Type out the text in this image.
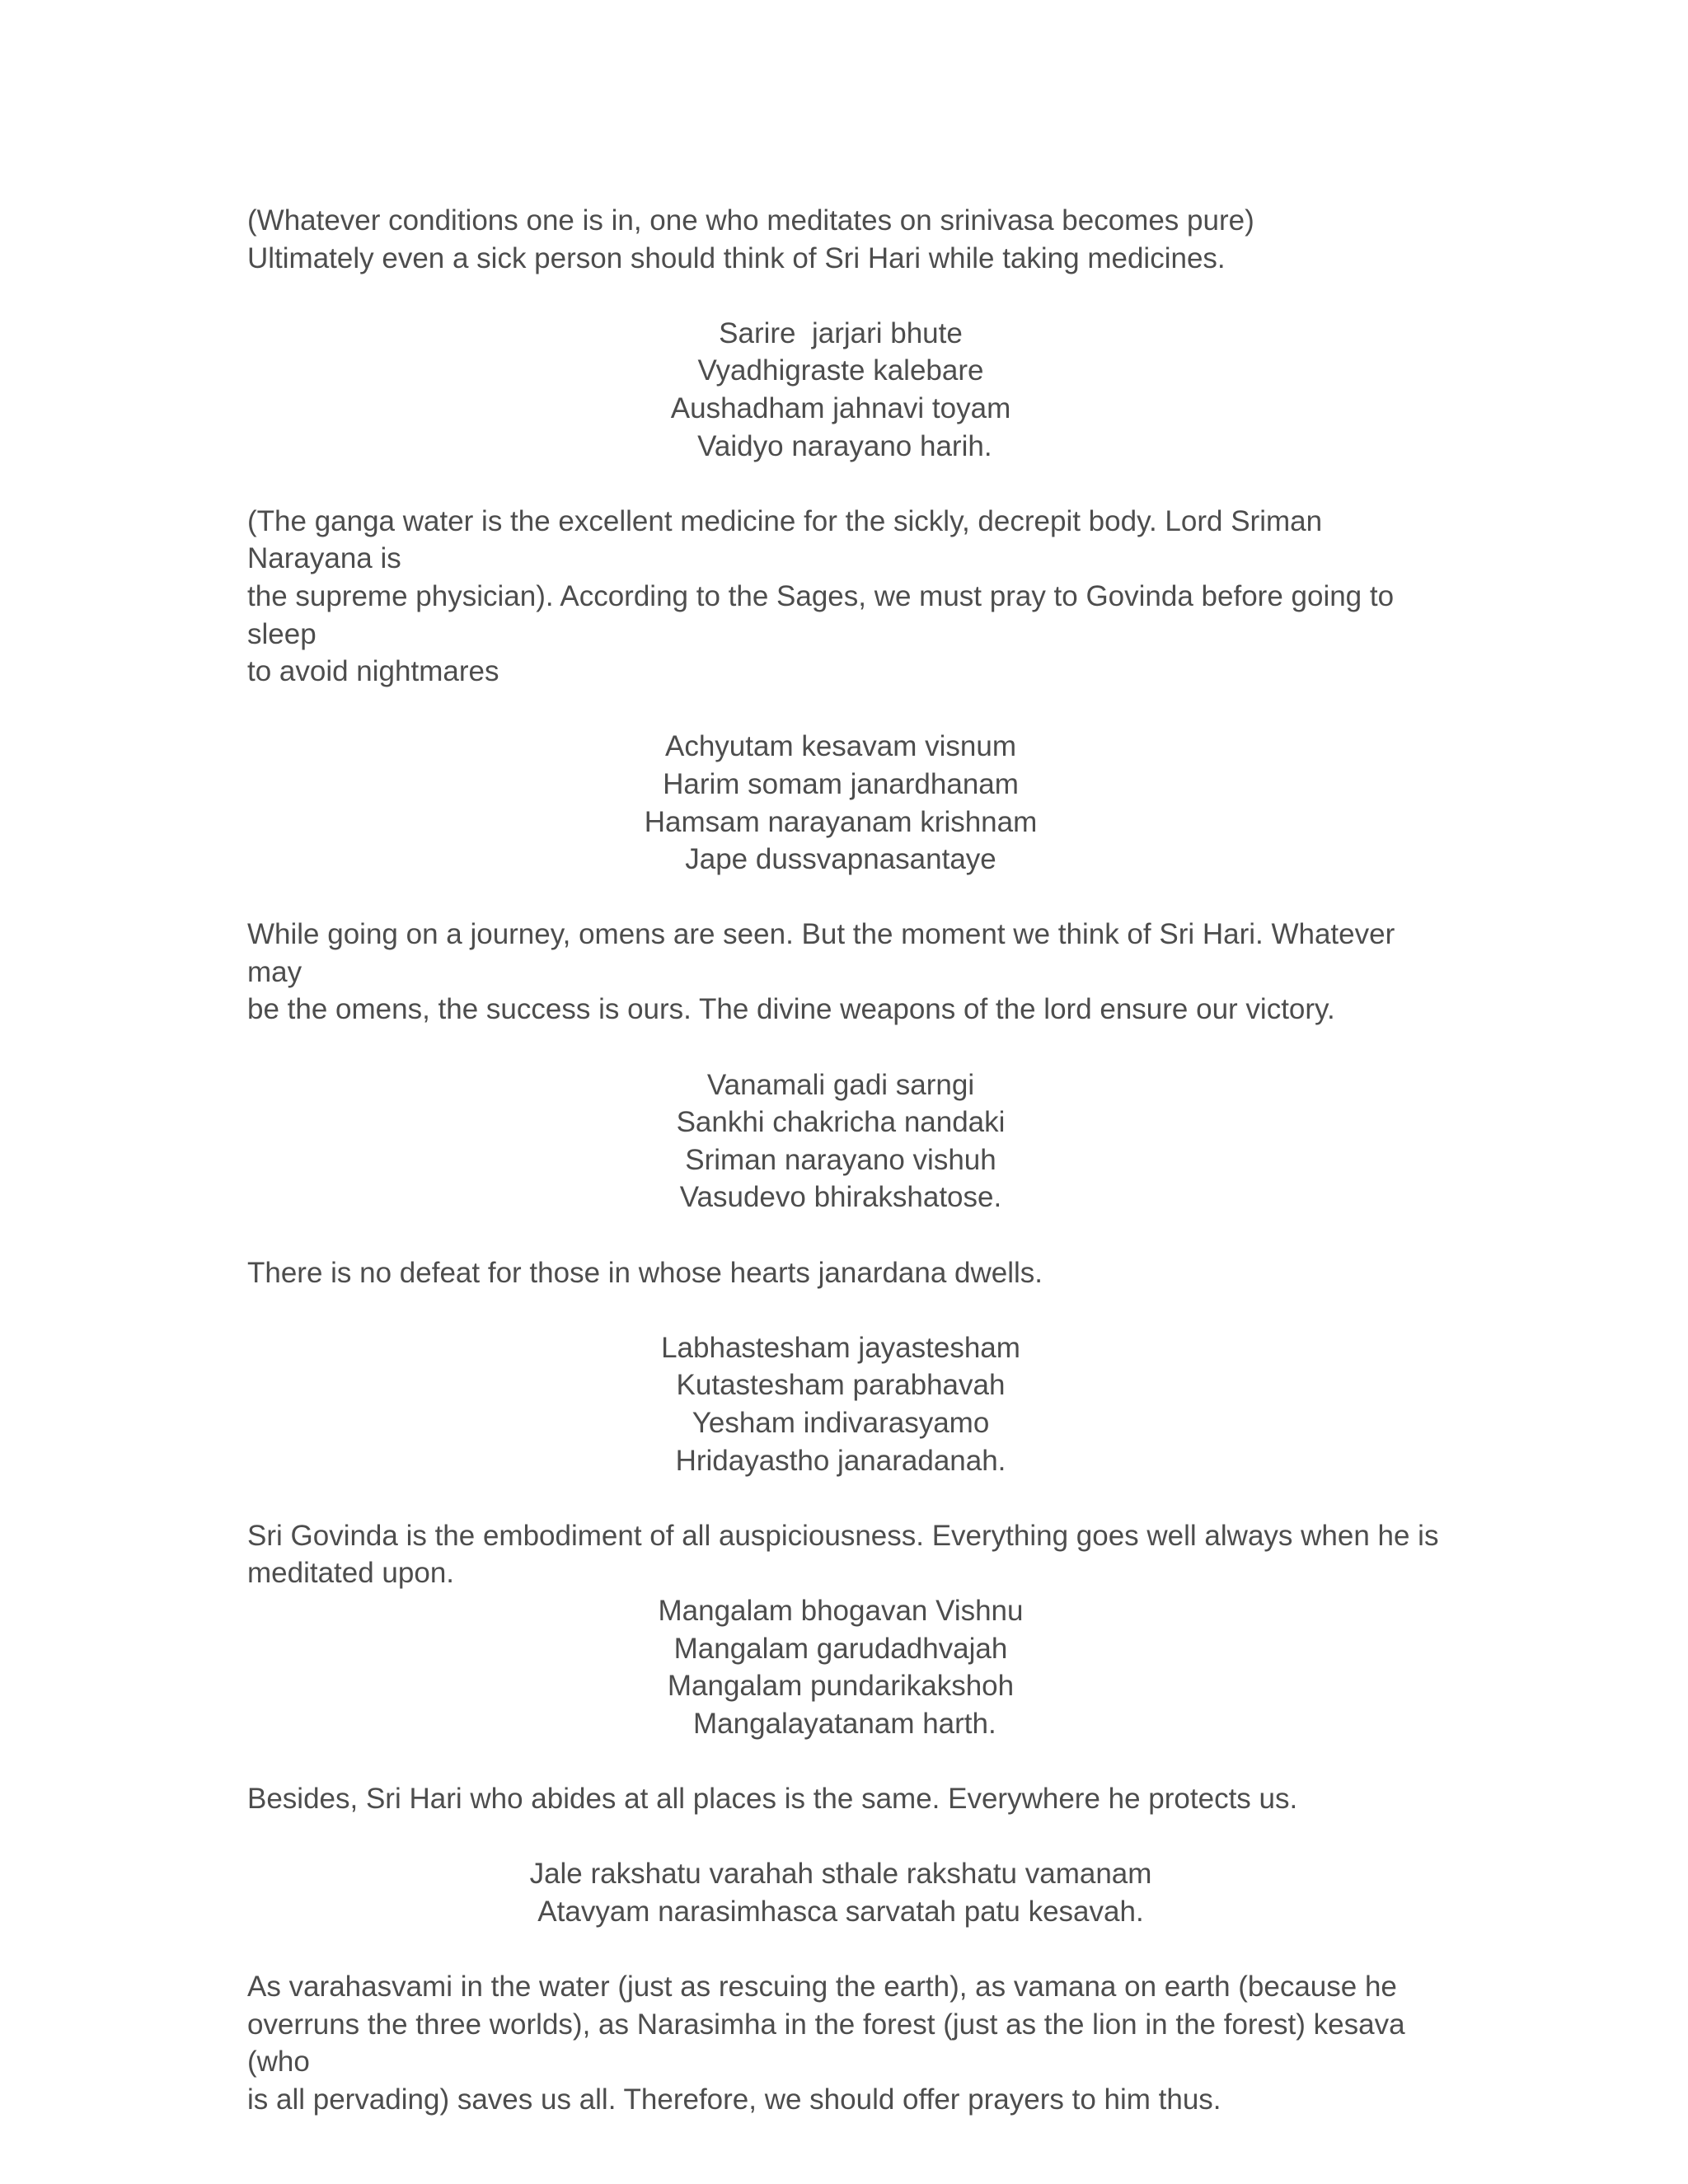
(Whatever conditions one is in, one who meditates on srinivasa becomes pure)
Ultimately even a sick person should think of Sri Hari while taking medicines.
Sarire  jarjari bhute
Vyadhigraste kalebare
Aushadham jahnavi toyam
Vaidyo narayano harih.
(The ganga water is the excellent medicine for the sickly, decrepit body. Lord Sriman Narayana is
the supreme physician). According to the Sages, we must pray to Govinda before going to sleep
to avoid nightmares
Achyutam kesavam visnum
Harim somam janardhanam
Hamsam narayanam krishnam
Jape dussvapnasantaye
While going on a journey, omens are seen. But the moment we think of Sri Hari. Whatever may
be the omens, the success is ours. The divine weapons of the lord ensure our victory.
Vanamali gadi sarngi
Sankhi chakricha nandaki
Sriman narayano vishuh
Vasudevo bhirakshatose.
There is no defeat for those in whose hearts janardana dwells.
Labhastesham jayastesham
Kutastesham parabhavah
Yesham indivarasyamo
Hridayastho janaradanah.
Sri Govinda is the embodiment of all auspiciousness. Everything goes well always when he is
meditated upon.
Mangalam bhogavan Vishnu
Mangalam garudadhvajah
Mangalam pundarikakshoh
Mangalayatanam harth.
Besides, Sri Hari who abides at all places is the same. Everywhere he protects us.
Jale rakshatu varahah sthale rakshatu vamanam
Atavyam narasimhasca sarvatah patu kesavah.
As varahasvami in the water (just as rescuing the earth), as vamana on earth (because he
overruns the three worlds), as Narasimha in the forest (just as the lion in the forest) kesava (who
is all pervading) saves us all. Therefore, we should offer prayers to him thus.
